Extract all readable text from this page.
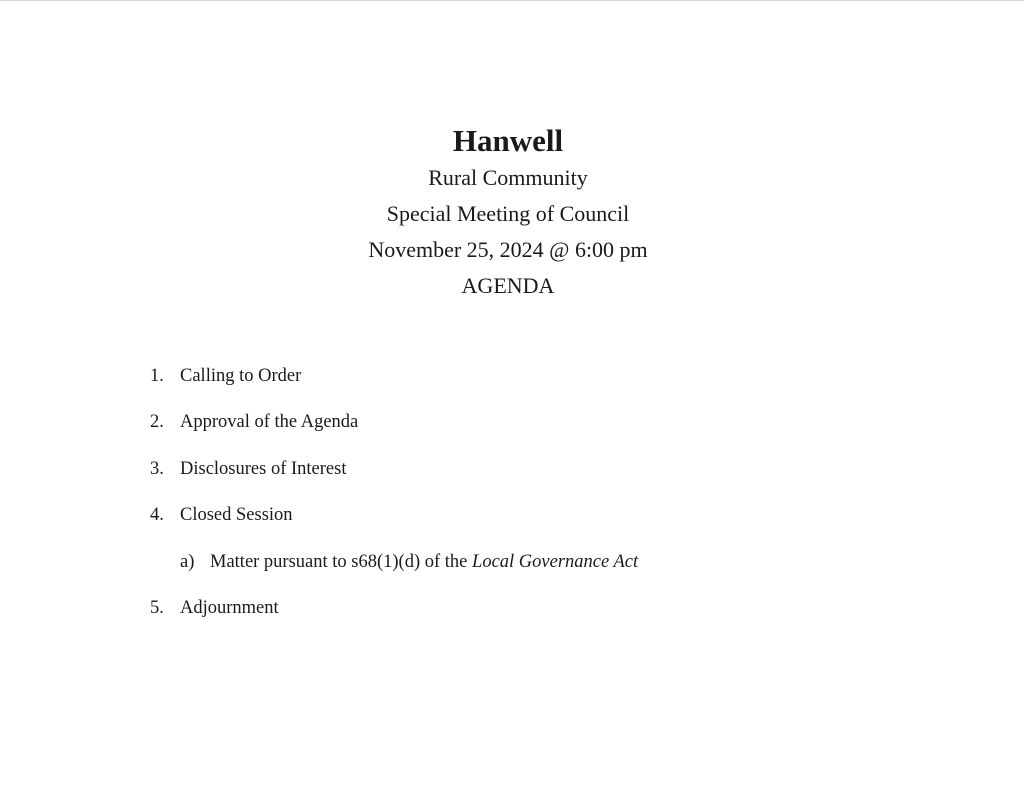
Hanwell
Rural Community
Special Meeting of Council
November 25, 2024 @ 6:00 pm
AGENDA
1. Calling to Order
2. Approval of the Agenda
3. Disclosures of Interest
4. Closed Session
a) Matter pursuant to s68(1)(d) of the Local Governance Act
5. Adjournment
